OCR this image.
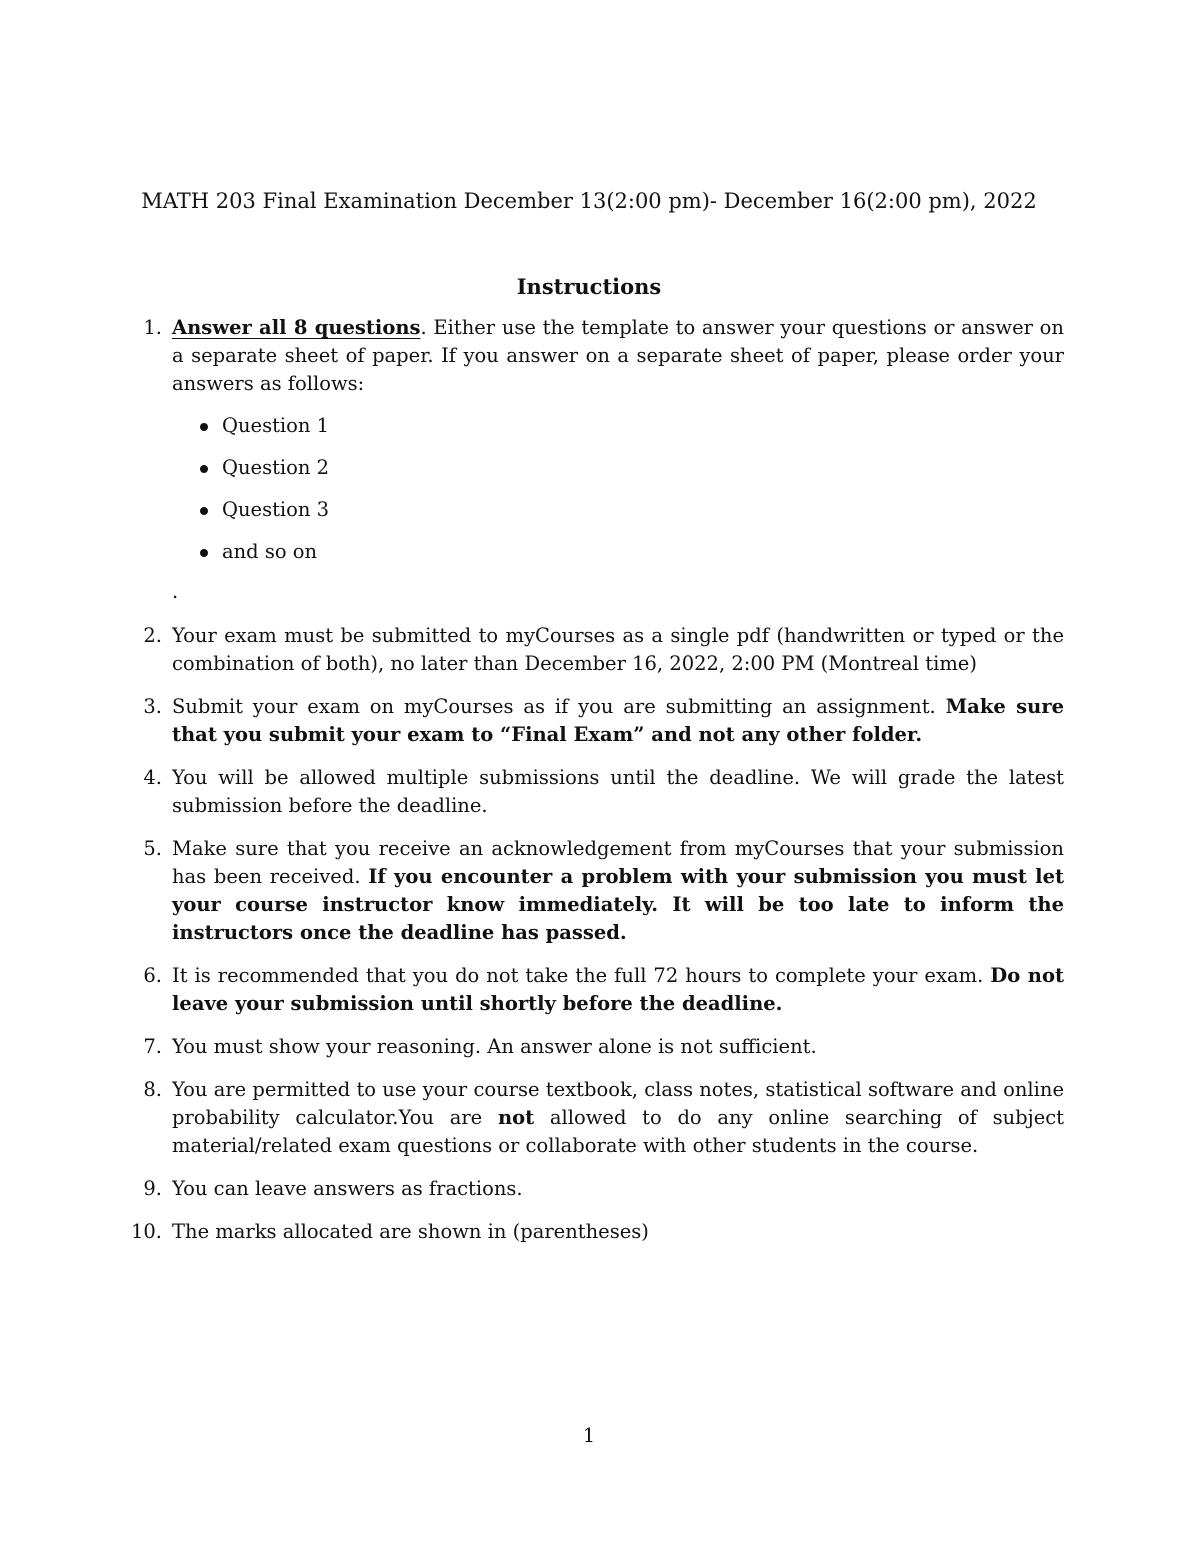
MATH 203 Final Examination December 13(2:00 pm)- December 16(2:00 pm), 2022
Instructions
1. Answer all 8 questions. Either use the template to answer your questions or answer on a separate sheet of paper. If you answer on a separate sheet of paper, please order your answers as follows:
Question 1
Question 2
Question 3
and so on
.
2. Your exam must be submitted to myCourses as a single pdf (handwritten or typed or the combination of both), no later than December 16, 2022, 2:00 PM (Montreal time)
3. Submit your exam on myCourses as if you are submitting an assignment. Make sure that you submit your exam to “Final Exam” and not any other folder.
4. You will be allowed multiple submissions until the deadline. We will grade the latest submission before the deadline.
5. Make sure that you receive an acknowledgement from myCourses that your submission has been received. If you encounter a problem with your submission you must let your course instructor know immediately. It will be too late to inform the instructors once the deadline has passed.
6. It is recommended that you do not take the full 72 hours to complete your exam. Do not leave your submission until shortly before the deadline.
7. You must show your reasoning. An answer alone is not sufficient.
8. You are permitted to use your course textbook, class notes, statistical software and online probability calculator.You are not allowed to do any online searching of subject material/related exam questions or collaborate with other students in the course.
9. You can leave answers as fractions.
10. The marks allocated are shown in (parentheses)
1
